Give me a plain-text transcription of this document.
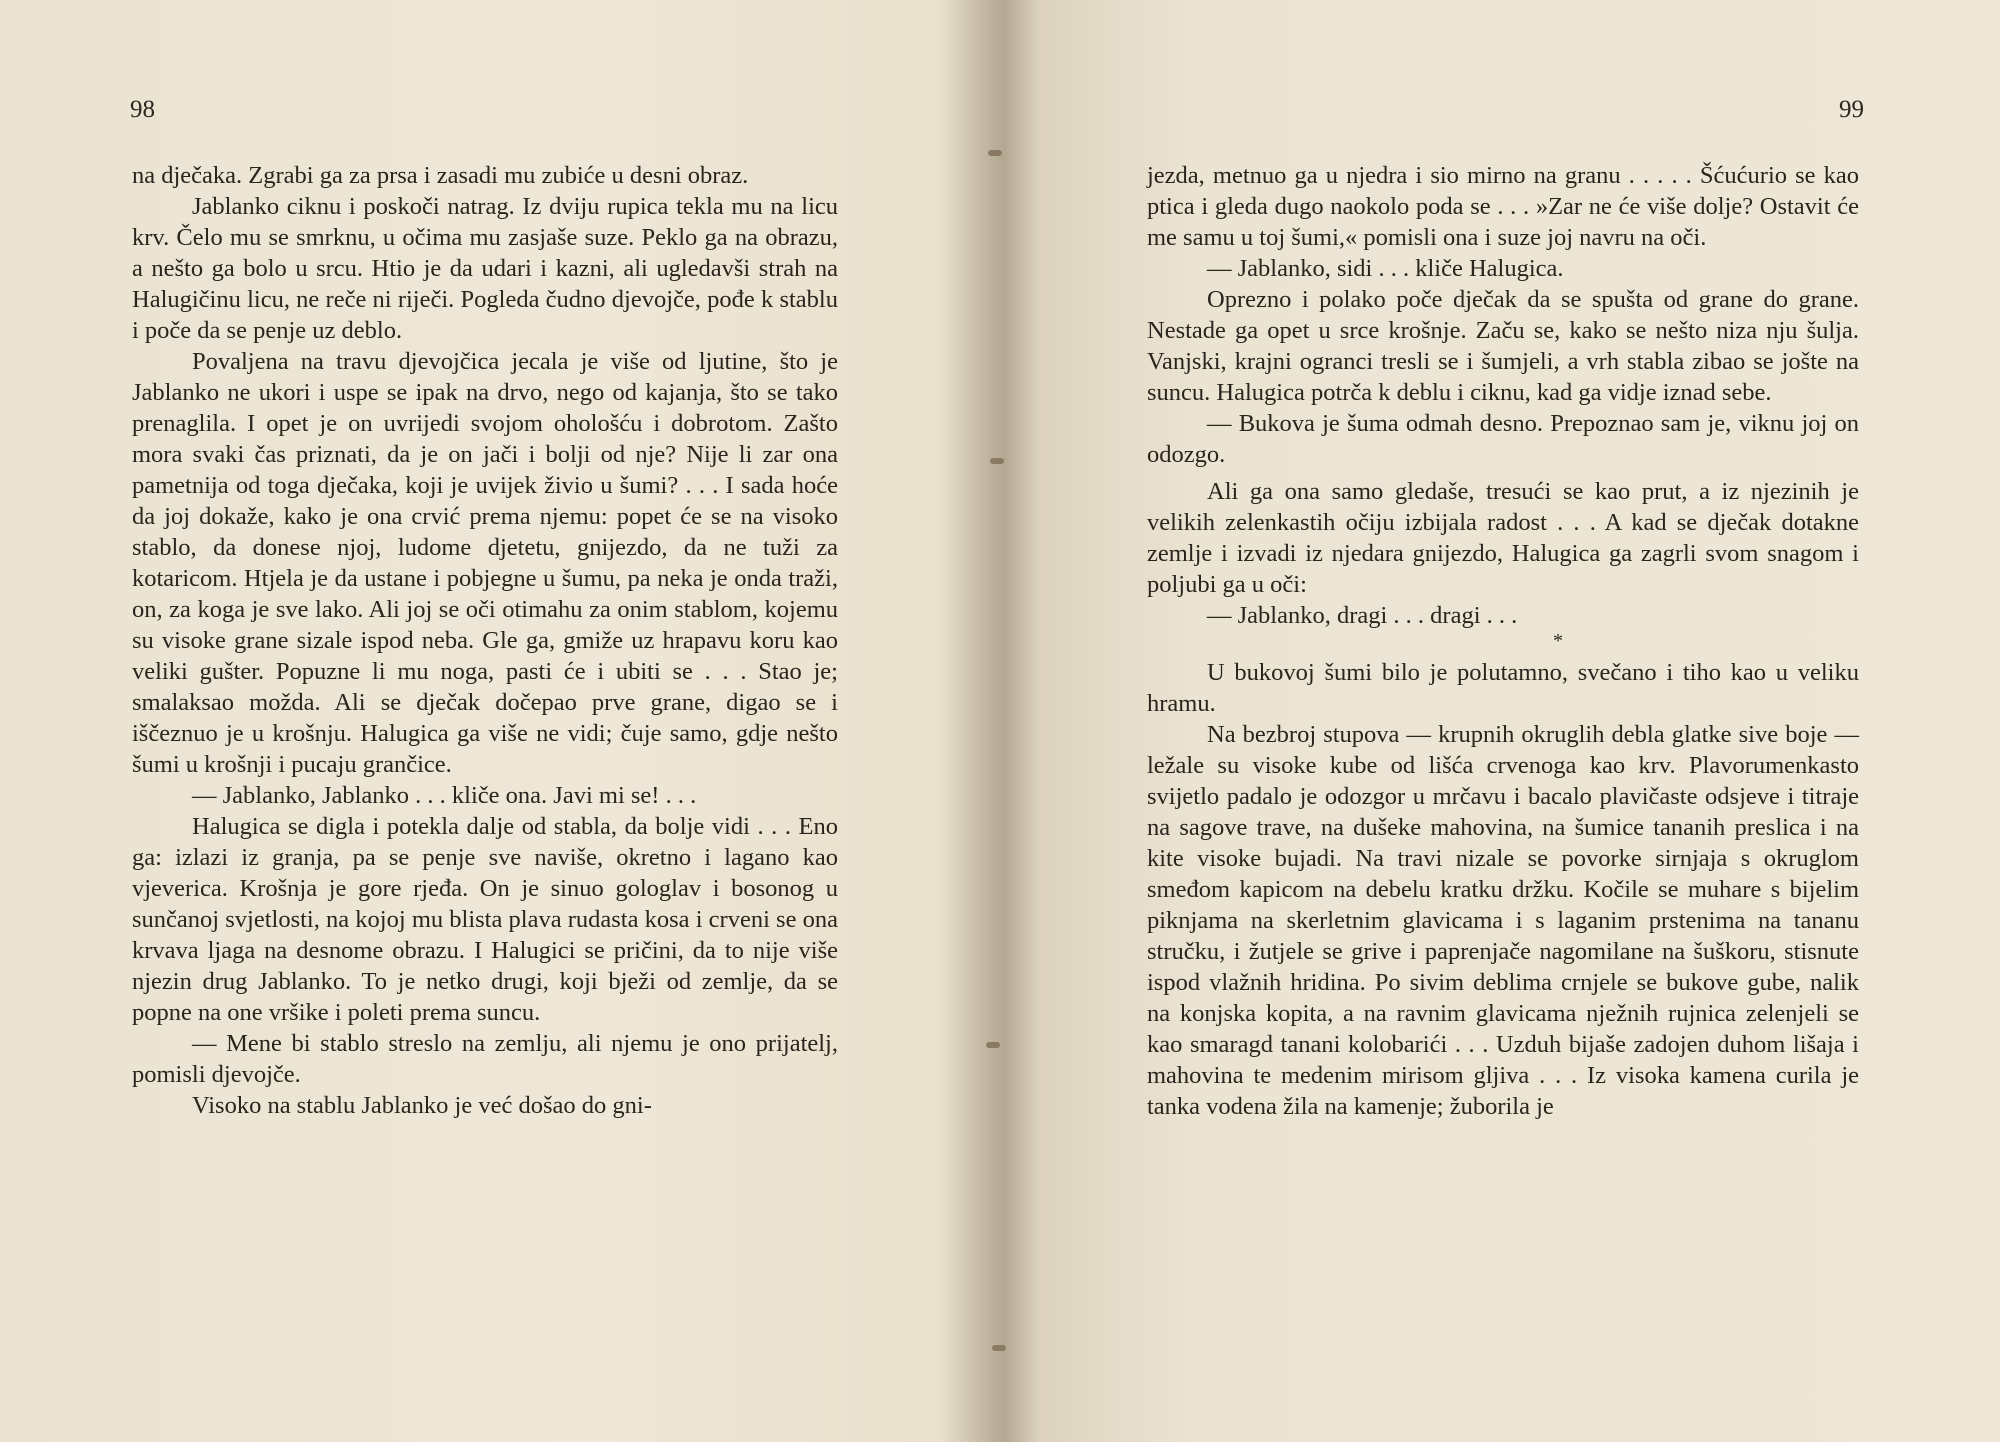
98

na dječaka. Zgrabi ga za prsa i zasadi mu zubiće u desni obraz.

Jablanko ciknu i poskoči natrag. Iz dviju rupica tekla mu na licu krv. Čelo mu se smrknu, u očima mu zasjaše suze. Peklo ga na obrazu, a nešto ga bolo u srcu. Htio je da udari i kazni, ali ugledavši strah na Halugičinu licu, ne reče ni riječi. Pogleda čudno djevojče, pođe k stablu i poče da se penje uz deblo.

Povaljena na travu djevojčica jecala je više od ljutine, što je Jablanko ne ukori i uspe se ipak na drvo, nego od kajanja, što se tako prenaglila. I opet je on uvrijedi svojom ohološću i dobrotom. Zašto mora svaki čas priznati, da je on jači i bolji od nje? Nije li zar ona pametnija od toga dječaka, koji je uvijek živio u šumi? . . . I sada hoće da joj dokaže, kako je ona crvić prema njemu: popet će se na visoko stablo, da donese njoj, ludome djetetu, gnijezdo, da ne tuži za kotaricom. Htjela je da ustane i pobjegne u šumu, pa neka je onda traži, on, za koga je sve lako. Ali joj se oči otimahu za onim stablom, kojemu su visoke grane sizale ispod neba. Gle ga, gmiže uz hrapavu koru kao veliki gušter. Popuzne li mu noga, pasti će i ubiti se . . . Stao je; smalaksao možda. Ali se dječak dočepao prve grane, digao se i iščeznuo je u krošnju. Halugica ga više ne vidi; čuje samo, gdje nešto šumi u krošnji i pucaju grančice.

— Jablanko, Jablanko . . . kliče ona. Javi mi se! . . .

Halugica se digla i potekla dalje od stabla, da bolje vidi . . . Eno ga: izlazi iz granja, pa se penje sve naviše, okretno i lagano kao vjeverica. Krošnja je gore rjeđa. On je sinuo gologlav i bosonog u sunčanoj svjetlosti, na kojoj mu blista plava rudasta kosa i crveni se ona krvava ljaga na desnome obrazu. I Halugici se pričini, da to nije više njezin drug Jablanko. To je netko drugi, koji bježi od zemlje, da se popne na one vršike i poleti prema suncu.

— Mene bi stablo streslo na zemlju, ali njemu je ono prijatelj, pomisli djevojče.

Visoko na stablu Jablanko je već došao do gni-

99

jezda, metnuo ga u njedra i sio mirno na granu . . . . . Šćućurio se kao ptica i gleda dugo naokolo poda se . . . »Zar ne će više dolje? Ostavit će me samu u toj šumi,« pomisli ona i suze joj navru na oči.

— Jablanko, sidi . . . kliče Halugica.

Oprezno i polako poče dječak da se spušta od grane do grane. Nestade ga opet u srce krošnje. Začu se, kako se nešto niza nju šulja. Vanjski, krajni ogranci tresli se i šumjeli, a vrh stabla zibao se jošte na suncu. Halugica potrča k deblu i ciknu, kad ga vidje iznad sebe.

— Bukova je šuma odmah desno. Prepoznao sam je, viknu joj on odozgo.

Ali ga ona samo gledaše, tresući se kao prut, a iz njezinih je velikih zelenkastih očiju izbijala radost . . . A kad se dječak dotakne zemlje i izvadi iz njedara gnijezdo, Halugica ga zagrli svom snagom i poljubi ga u oči:

— Jablanko, dragi . . . dragi . . .

*

U bukovoj šumi bilo je polutamno, svečano i tiho kao u veliku hramu.

Na bezbroj stupova — krupnih okruglih debla glatke sive boje — ležale su visoke kube od lišća crvenoga kao krv. Plavorumenkasto svijetlo padalo je odozgor u mrčavu i bacalo plavičaste odsjeve i titraje na sagove trave, na dušeke mahovina, na šumice tananih preslica i na kite visoke bujadi. Na travi nizale se povorke sirnjaja s okruglom smeđom kapicom na debelu kratku držku. Kočile se muhare s bijelim piknjama na skerletnim glavicama i s laganim prstenima na tananu stručku, i žutjele se grive i paprenjače nagomilane na šuškoru, stisnute ispod vlažnih hridina. Po sivim deblima crnjele se bukove gube, nalik na konjska kopita, a na ravnim glavicama nježnih rujnica zelenjeli se kao smaragd tanani kolobarići . . . Uzduh bijaše zadojen duhom lišaja i mahovina te medenim mirisom gljiva . . . Iz visoka kamena curila je tanka vodena žila na kamenje; žuborila je
